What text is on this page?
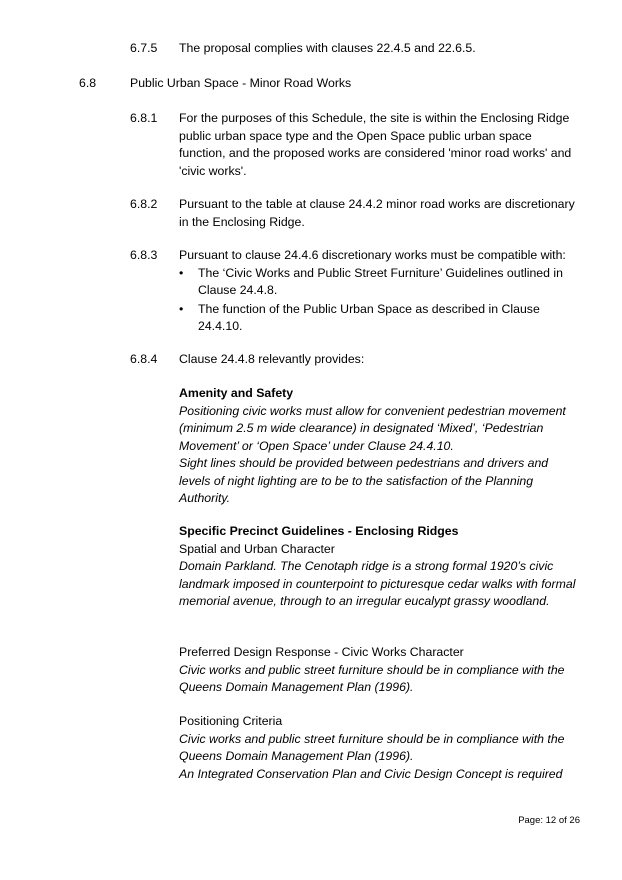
6.7.5 The proposal complies with clauses 22.4.5 and 22.6.5.
6.8	Public Urban Space - Minor Road Works
6.8.1 For the purposes of this Schedule, the site is within the Enclosing Ridge public urban space type and the Open Space public urban space function, and the proposed works are considered 'minor road works' and 'civic works'.
6.8.2 Pursuant to the table at clause 24.4.2 minor road works are discretionary in the Enclosing Ridge.
6.8.3 Pursuant to clause 24.4.6 discretionary works must be compatible with:
• The ‘Civic Works and Public Street Furniture’ Guidelines outlined in Clause 24.4.8.
• The function of the Public Urban Space as described in Clause 24.4.10.
6.8.4 Clause 24.4.8 relevantly provides:
Amenity and Safety
Positioning civic works must allow for convenient pedestrian movement (minimum 2.5 m wide clearance) in designated ‘Mixed’, ‘Pedestrian Movement’ or ‘Open Space’ under Clause 24.4.10.
Sight lines should be provided between pedestrians and drivers and levels of night lighting are to be to the satisfaction of the Planning Authority.
Specific Precinct Guidelines - Enclosing Ridges
Spatial and Urban Character
Domain Parkland. The Cenotaph ridge is a strong formal 1920’s civic landmark imposed in counterpoint to picturesque cedar walks with formal memorial avenue, through to an irregular eucalypt grassy woodland.
Preferred Design Response - Civic Works Character
Civic works and public street furniture should be in compliance with the Queens Domain Management Plan (1996).
Positioning Criteria
Civic works and public street furniture should be in compliance with the Queens Domain Management Plan (1996).
An Integrated Conservation Plan and Civic Design Concept is required
Page: 12 of 26
